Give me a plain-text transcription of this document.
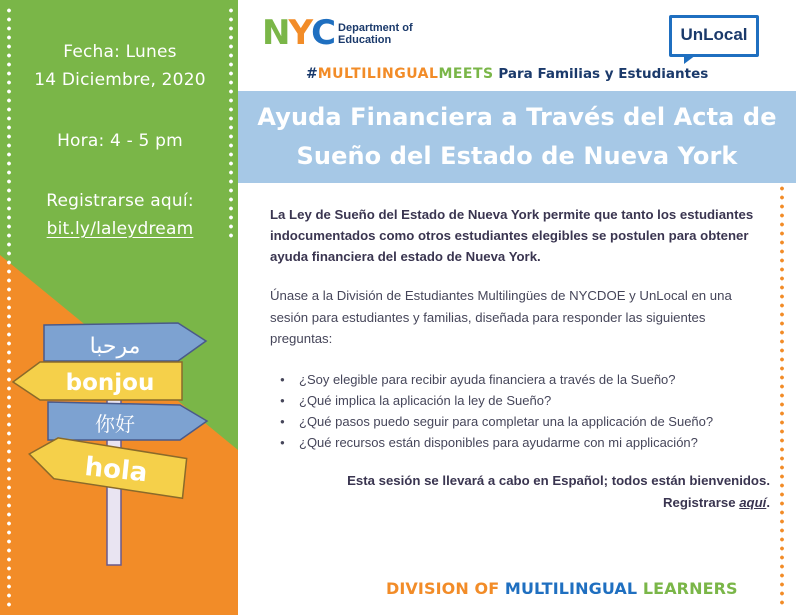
Fecha: Lunes
14 Diciembre, 2020
Hora: 4 - 5 pm
Registrarse aquí:
bit.ly/laleydream
مرحبا
bonjou
你好
hola
N Y C Department of
Education	UnLocal
#MULTILINGUALMEETS Para Familias y Estudiantes
Ayuda Financiera a Través del Acta de
Sueño del Estado de Nueva York

La Ley de Sueño del Estado de Nueva York permite que tanto los estudiantes indocumentados como otros estudiantes elegibles se postulen para obtener ayuda financiera del estado de Nueva York.

Únase a la División de Estudiantes Multilingües de NYCDOE y UnLocal en una sesión para estudiantes y familias, diseñada para responder las siguientes preguntas:

● ¿Soy elegible para recibir ayuda financiera a través de la Sueño?
● ¿Qué implica la aplicación la ley de Sueño?
● ¿Qué pasos puedo seguir para completar una la applicación de Sueño?
● ¿Qué recursos están disponibles para ayudarme con mi applicación?
Esta sesión se llevará a cabo en Español; todos están bienvenidos.
Registrarse aquí.
DIVISION OF MULTILINGUAL LEARNERS
